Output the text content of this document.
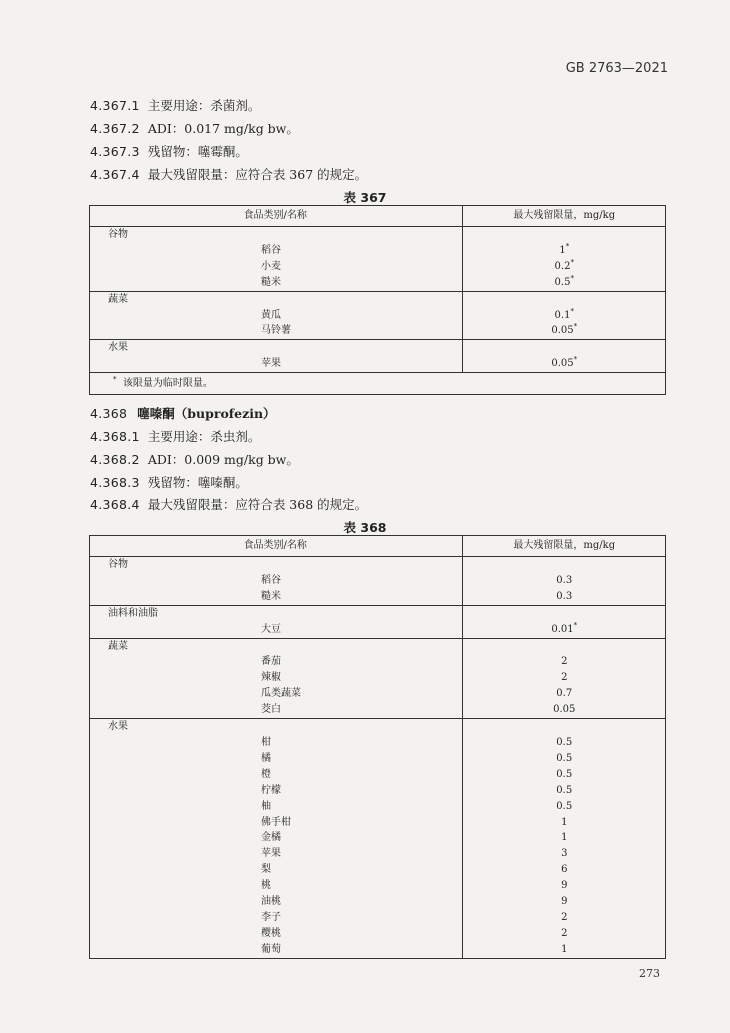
GB 2763—2021
4.367.1 主要用途：杀菌剂。
4.367.2 ADI：0.017 mg/kg bw。
4.367.3 残留物：噻霉酮。
4.367.4 最大残留限量：应符合表 367 的规定。
表 367
食品类别/名称	最大残留限量，mg/kg
谷物	
稻谷	1*
小麦	0.2*
糙米	0.5*
蔬菜	
黄瓜	0.1*
马铃薯	0.05*
水果	
苹果	0.05*
* 该限量为临时限量。	
4.368 噻嗪酮（buprofezin）
4.368.1 主要用途：杀虫剂。
4.368.2 ADI：0.009 mg/kg bw。
4.368.3 残留物：噻嗪酮。
4.368.4 最大残留限量：应符合表 368 的规定。
表 368
食品类别/名称	最大残留限量，mg/kg
谷物	
稻谷	0.3
糙米	0.3
油料和油脂	
大豆	0.01*
蔬菜	
番茄	2
辣椒	2
瓜类蔬菜	0.7
茭白	0.05
水果	
柑	0.5
橘	0.5
橙	0.5
柠檬	0.5
柚	0.5
佛手柑	1
金橘	1
苹果	3
梨	6
桃	9
油桃	9
李子	2
樱桃	2
葡萄	1
273
